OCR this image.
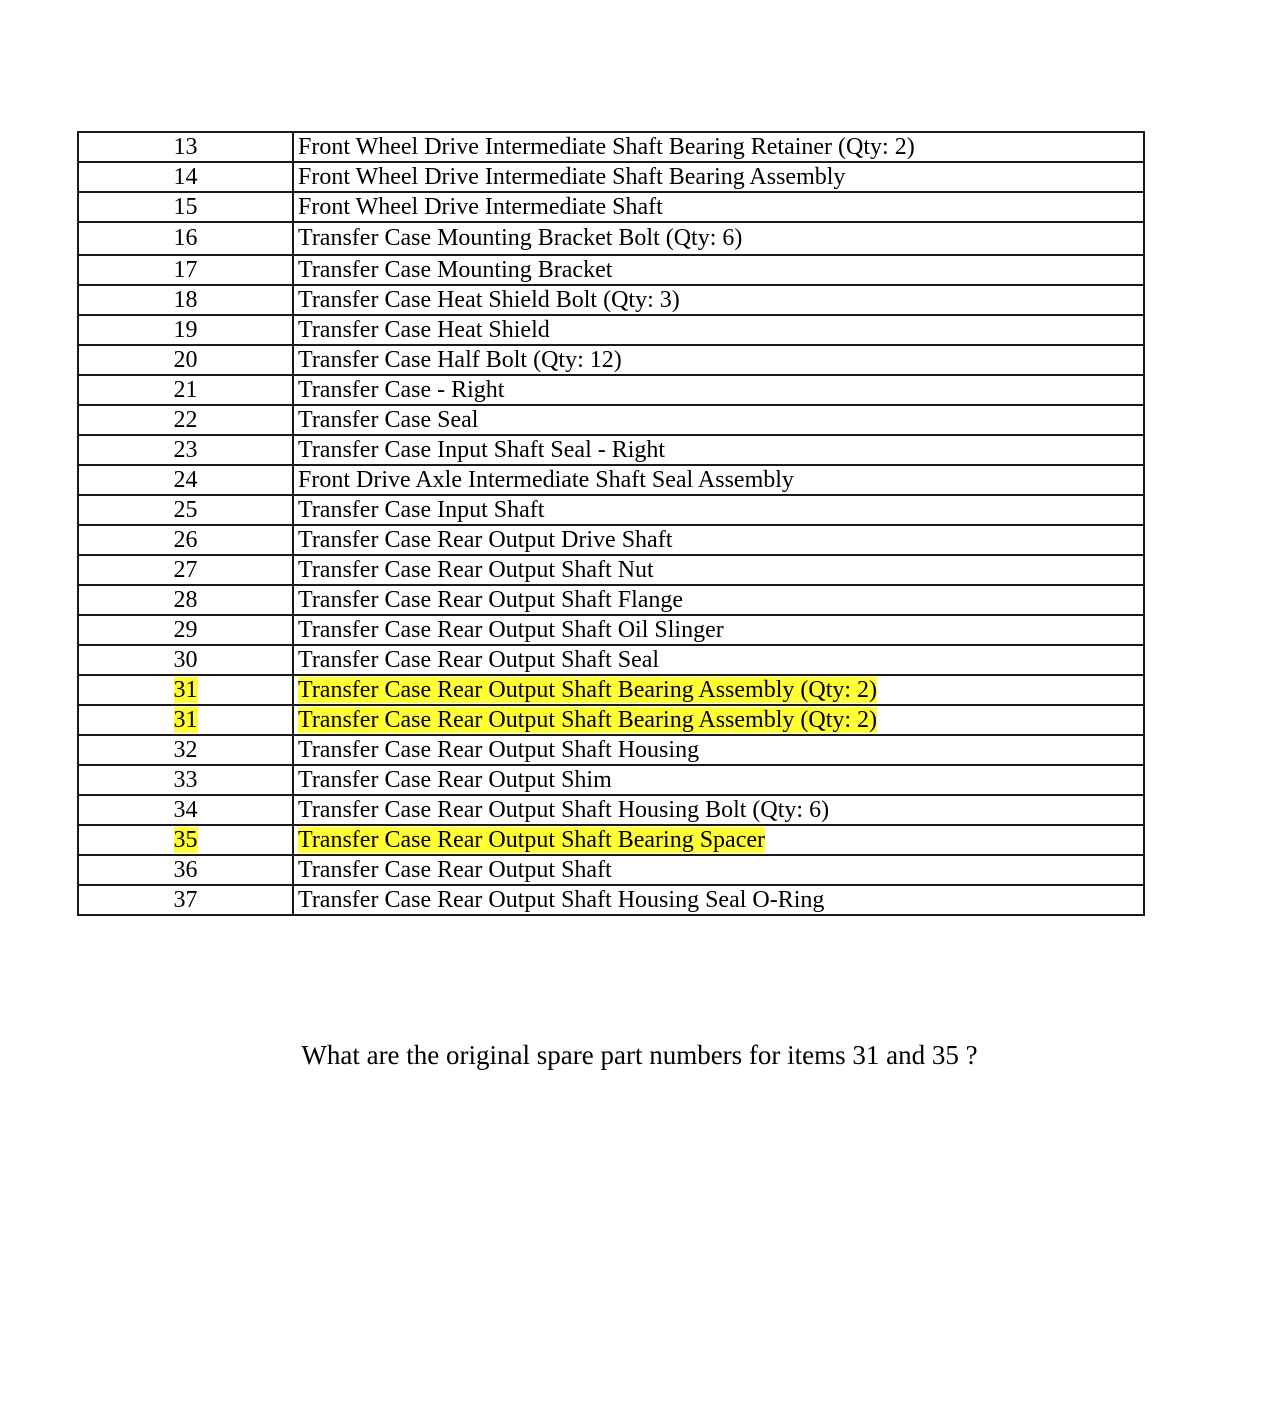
13	Front Wheel Drive Intermediate Shaft Bearing Retainer (Qty: 2)
14	Front Wheel Drive Intermediate Shaft Bearing Assembly
15	Front Wheel Drive Intermediate Shaft
16	Transfer Case Mounting Bracket Bolt (Qty: 6)
17	Transfer Case Mounting Bracket
18	Transfer Case Heat Shield Bolt (Qty: 3)
19	Transfer Case Heat Shield
20	Transfer Case Half Bolt (Qty: 12)
21	Transfer Case - Right
22	Transfer Case Seal
23	Transfer Case Input Shaft Seal - Right
24	Front Drive Axle Intermediate Shaft Seal Assembly
25	Transfer Case Input Shaft
26	Transfer Case Rear Output Drive Shaft
27	Transfer Case Rear Output Shaft Nut
28	Transfer Case Rear Output Shaft Flange
29	Transfer Case Rear Output Shaft Oil Slinger
30	Transfer Case Rear Output Shaft Seal
31	Transfer Case Rear Output Shaft Bearing Assembly (Qty: 2)
31	Transfer Case Rear Output Shaft Bearing Assembly (Qty: 2)
32	Transfer Case Rear Output Shaft Housing
33	Transfer Case Rear Output Shim
34	Transfer Case Rear Output Shaft Housing Bolt (Qty: 6)
35	Transfer Case Rear Output Shaft Bearing Spacer
36	Transfer Case Rear Output Shaft
37	Transfer Case Rear Output Shaft Housing Seal O-Ring
What are the original spare part numbers for items 31 and 35 ?
